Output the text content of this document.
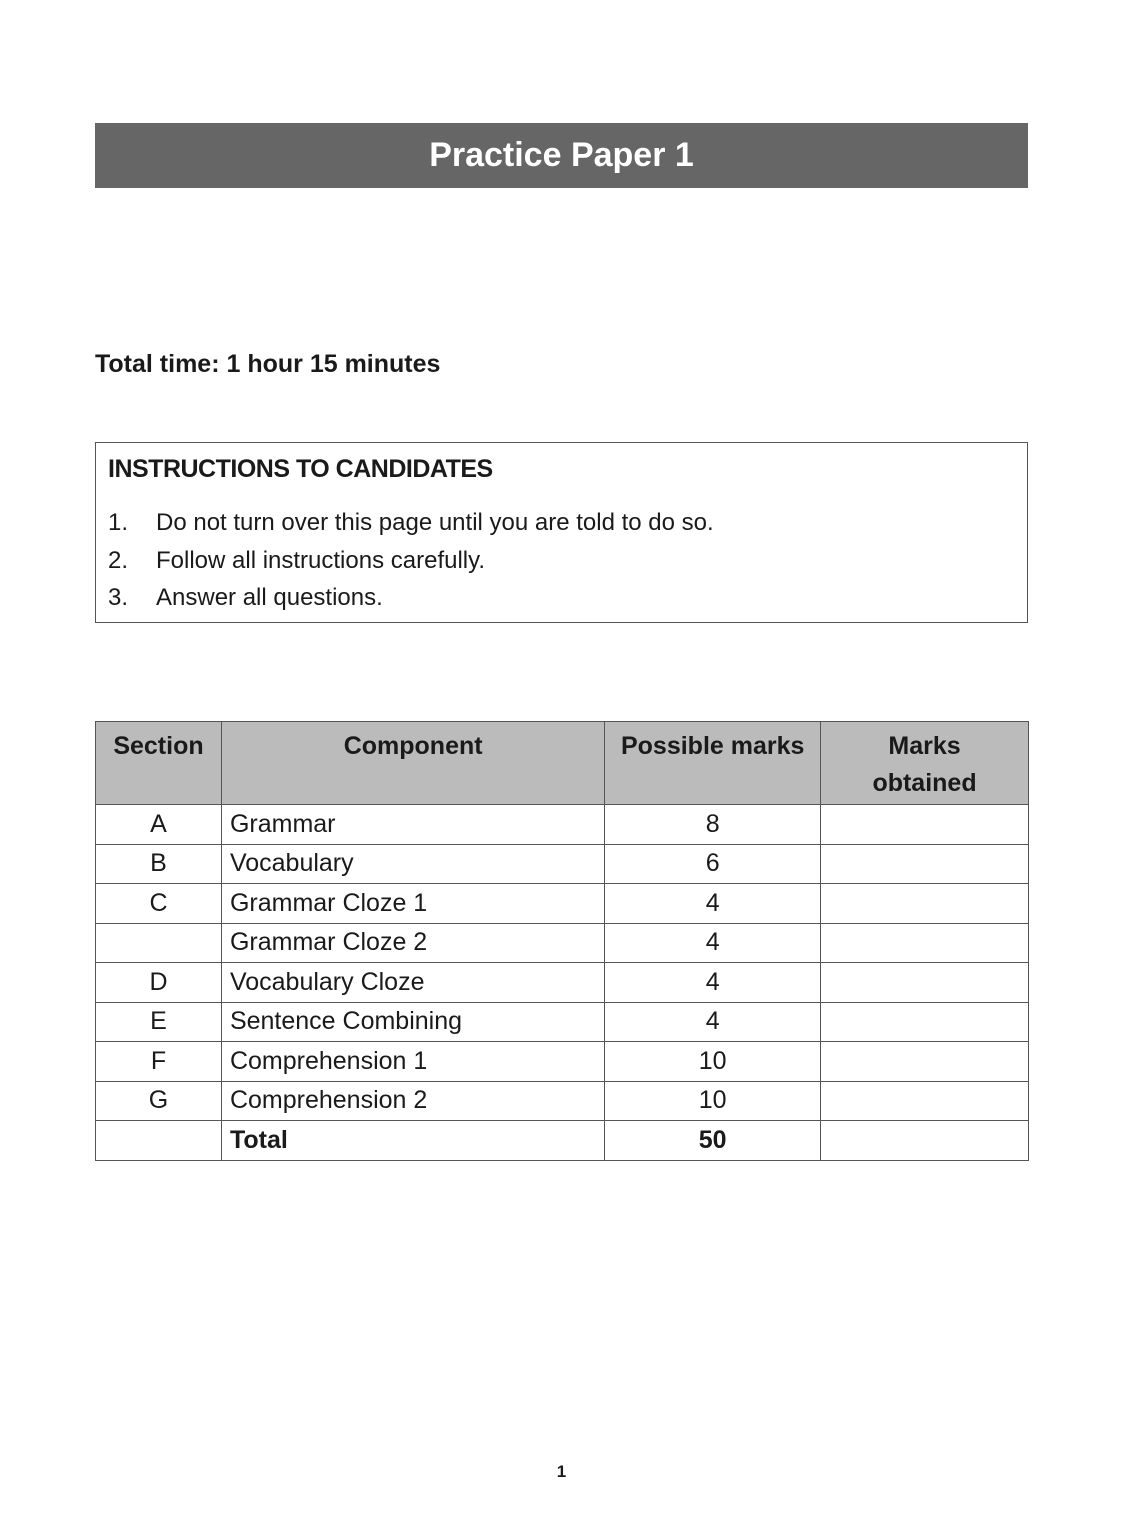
Practice Paper 1
Total time: 1 hour 15 minutes
INSTRUCTIONS TO CANDIDATES
1.	Do not turn over this page until you are told to do so.
2.	Follow all instructions carefully.
3.	Answer all questions.
Section	Component	Possible marks	Marks obtained
A	Grammar	8	
B	Vocabulary	6	
C	Grammar Cloze 1	4	
	Grammar Cloze 2	4	
D	Vocabulary Cloze	4	
E	Sentence Combining	4	
F	Comprehension 1	10	
G	Comprehension 2	10	
	Total	50	
1
